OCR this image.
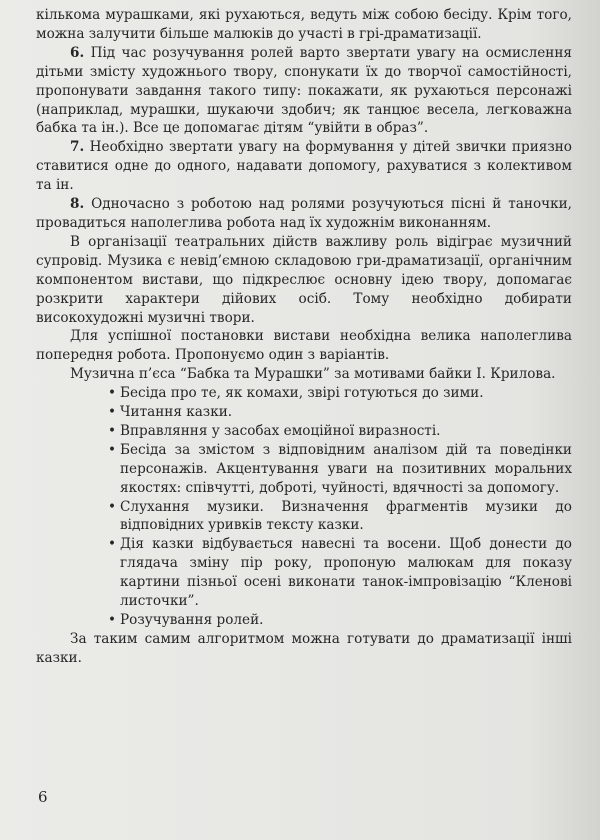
кількома мурашками, які рухаються, ведуть між собою бесіду. Крім того, можна залучити більше малюків до участі в грі-драматизації.

6. Під час розучування ролей варто звертати увагу на осмислення дітьми змісту художнього твору, спонукати їх до творчої самостійності, пропонувати завдання такого типу: покажати, як рухаються персонажі (наприклад, мурашки, шукаючи здобич; як танцює весела, легковажна бабка та ін.). Все це допомагає дітям “увійти в образ”.

7. Необхідно звертати увагу на формування у дітей звички приязно ставитися одне до одного, надавати допомогу, рахуватися з колективом та ін.

8. Одночасно з роботою над ролями розучуються пісні й таночки, провадиться наполеглива робота над їх художнім виконанням.

В організації театральних дійств важливу роль відіграє музичний супровід. Музика є невід’ємною складовою гри-драматизації, органічним компонентом вистави, що підкреслює основну ідею твору, допомагає розкрити характери дійових осіб. Тому необхідно добирати високохудожні музичні твори.

Для успішної постановки вистави необхідна велика наполеглива попередня робота. Пропонуємо один з варіантів.

Музична п’єса “Бабка та Мурашки” за мотивами байки І. Крилова.

• Бесіда про те, як комахи, звірі готуються до зими.
• Читання казки.
• Вправляння у засобах емоційної виразності.
• Бесіда за змістом з відповідним аналізом дій та поведінки персонажів. Акцентування уваги на позитивних моральних якостях: співчутті, доброті, чуйності, вдячності за допомогу.
• Слухання музики. Визначення фрагментів музики до відповідних уривків тексту казки.
• Дія казки відбувається навесні та восени. Щоб донести до глядача зміну пір року, пропоную малюкам для показу картини пізньої осені виконати танок-імпровізацію “Кленові листочки”.
• Розучування ролей.

За таким самим алгоритмом можна готувати до драматизації інші казки.

6
